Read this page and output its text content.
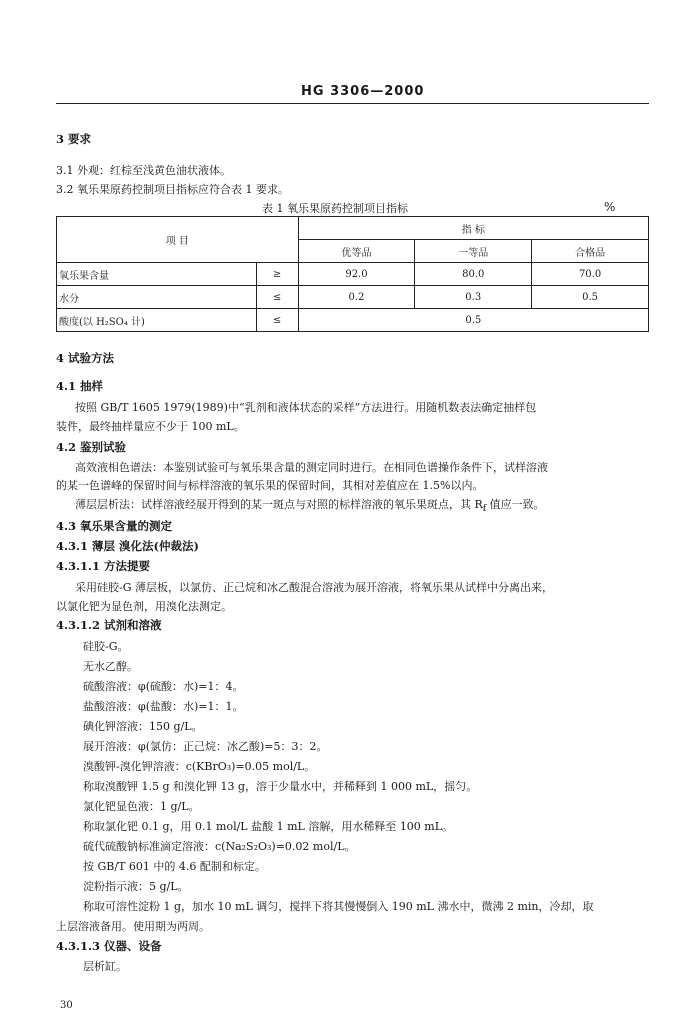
HG 3306—2000
3 要求
3.1 外观：红棕至浅黄色油状液体。
3.2 氧乐果原药控制项目指标应符合表 1 要求。
表 1 氧乐果原药控制项目指标	%
项 目		指 标		
		优等品	一等品	合格品
氧乐果含量	≥	92.0	80.0	70.0
水分	≤	0.2	0.3	0.5
酸度(以 H₂SO₄ 计)	≤	0.5		
4 试验方法
4.1 抽样
按照 GB/T 1605 1979(1989)中“乳剂和液体状态的采样”方法进行。用随机数表法确定抽样包
装件，最终抽样量应不少于 100 mL。
4.2 鉴别试验
高效液相色谱法：本鉴别试验可与氧乐果含量的测定同时进行。在相同色谱操作条件下，试样溶液
的某一色谱峰的保留时间与标样溶液的氧乐果的保留时间，其相对差值应在 1.5%以内。
薄层层析法：试样溶液经展开得到的某一斑点与对照的标样溶液的氧乐果斑点，其 $R_f$ 值应一致。
4.3 氧乐果含量的测定
4.3.1 薄层 溴化法(仲裁法)
4.3.1.1 方法提要
采用硅胶-G 薄层板，以氯仿、正己烷和冰乙酸混合溶液为展开溶液，将氧乐果从试样中分离出来，
以氯化钯为显色剂，用溴化法测定。
4.3.1.2 试剂和溶液
硅胶-G。
无水乙醇。
硫酸溶液：φ(硫酸：水)=1：4。
盐酸溶液：φ(盐酸：水)=1：1。
碘化钾溶液：150 g/L。
展开溶液：φ(氯仿：正己烷：冰乙酸)=5：3：2。
溴酸钾-溴化钾溶液：c(KBrO₃)=0.05 mol/L。
称取溴酸钾 1.5 g 和溴化钾 13 g，溶于少量水中，并稀释到 1 000 mL，摇匀。
氯化钯显色液：1 g/L。
称取氯化钯 0.1 g，用 0.1 mol/L 盐酸 1 mL 溶解，用水稀释至 100 mL。
硫代硫酸钠标准滴定溶液：c(Na₂S₂O₃)=0.02 mol/L。
按 GB/T 601 中的 4.6 配制和标定。
淀粉指示液：5 g/L。
称取可溶性淀粉 1 g，加水 10 mL 调匀，搅拌下将其慢慢倒入 190 mL 沸水中，微沸 2 min，冷却，取
上层溶液备用。使用期为两周。
4.3.1.3 仪器、设备
层析缸。
30
